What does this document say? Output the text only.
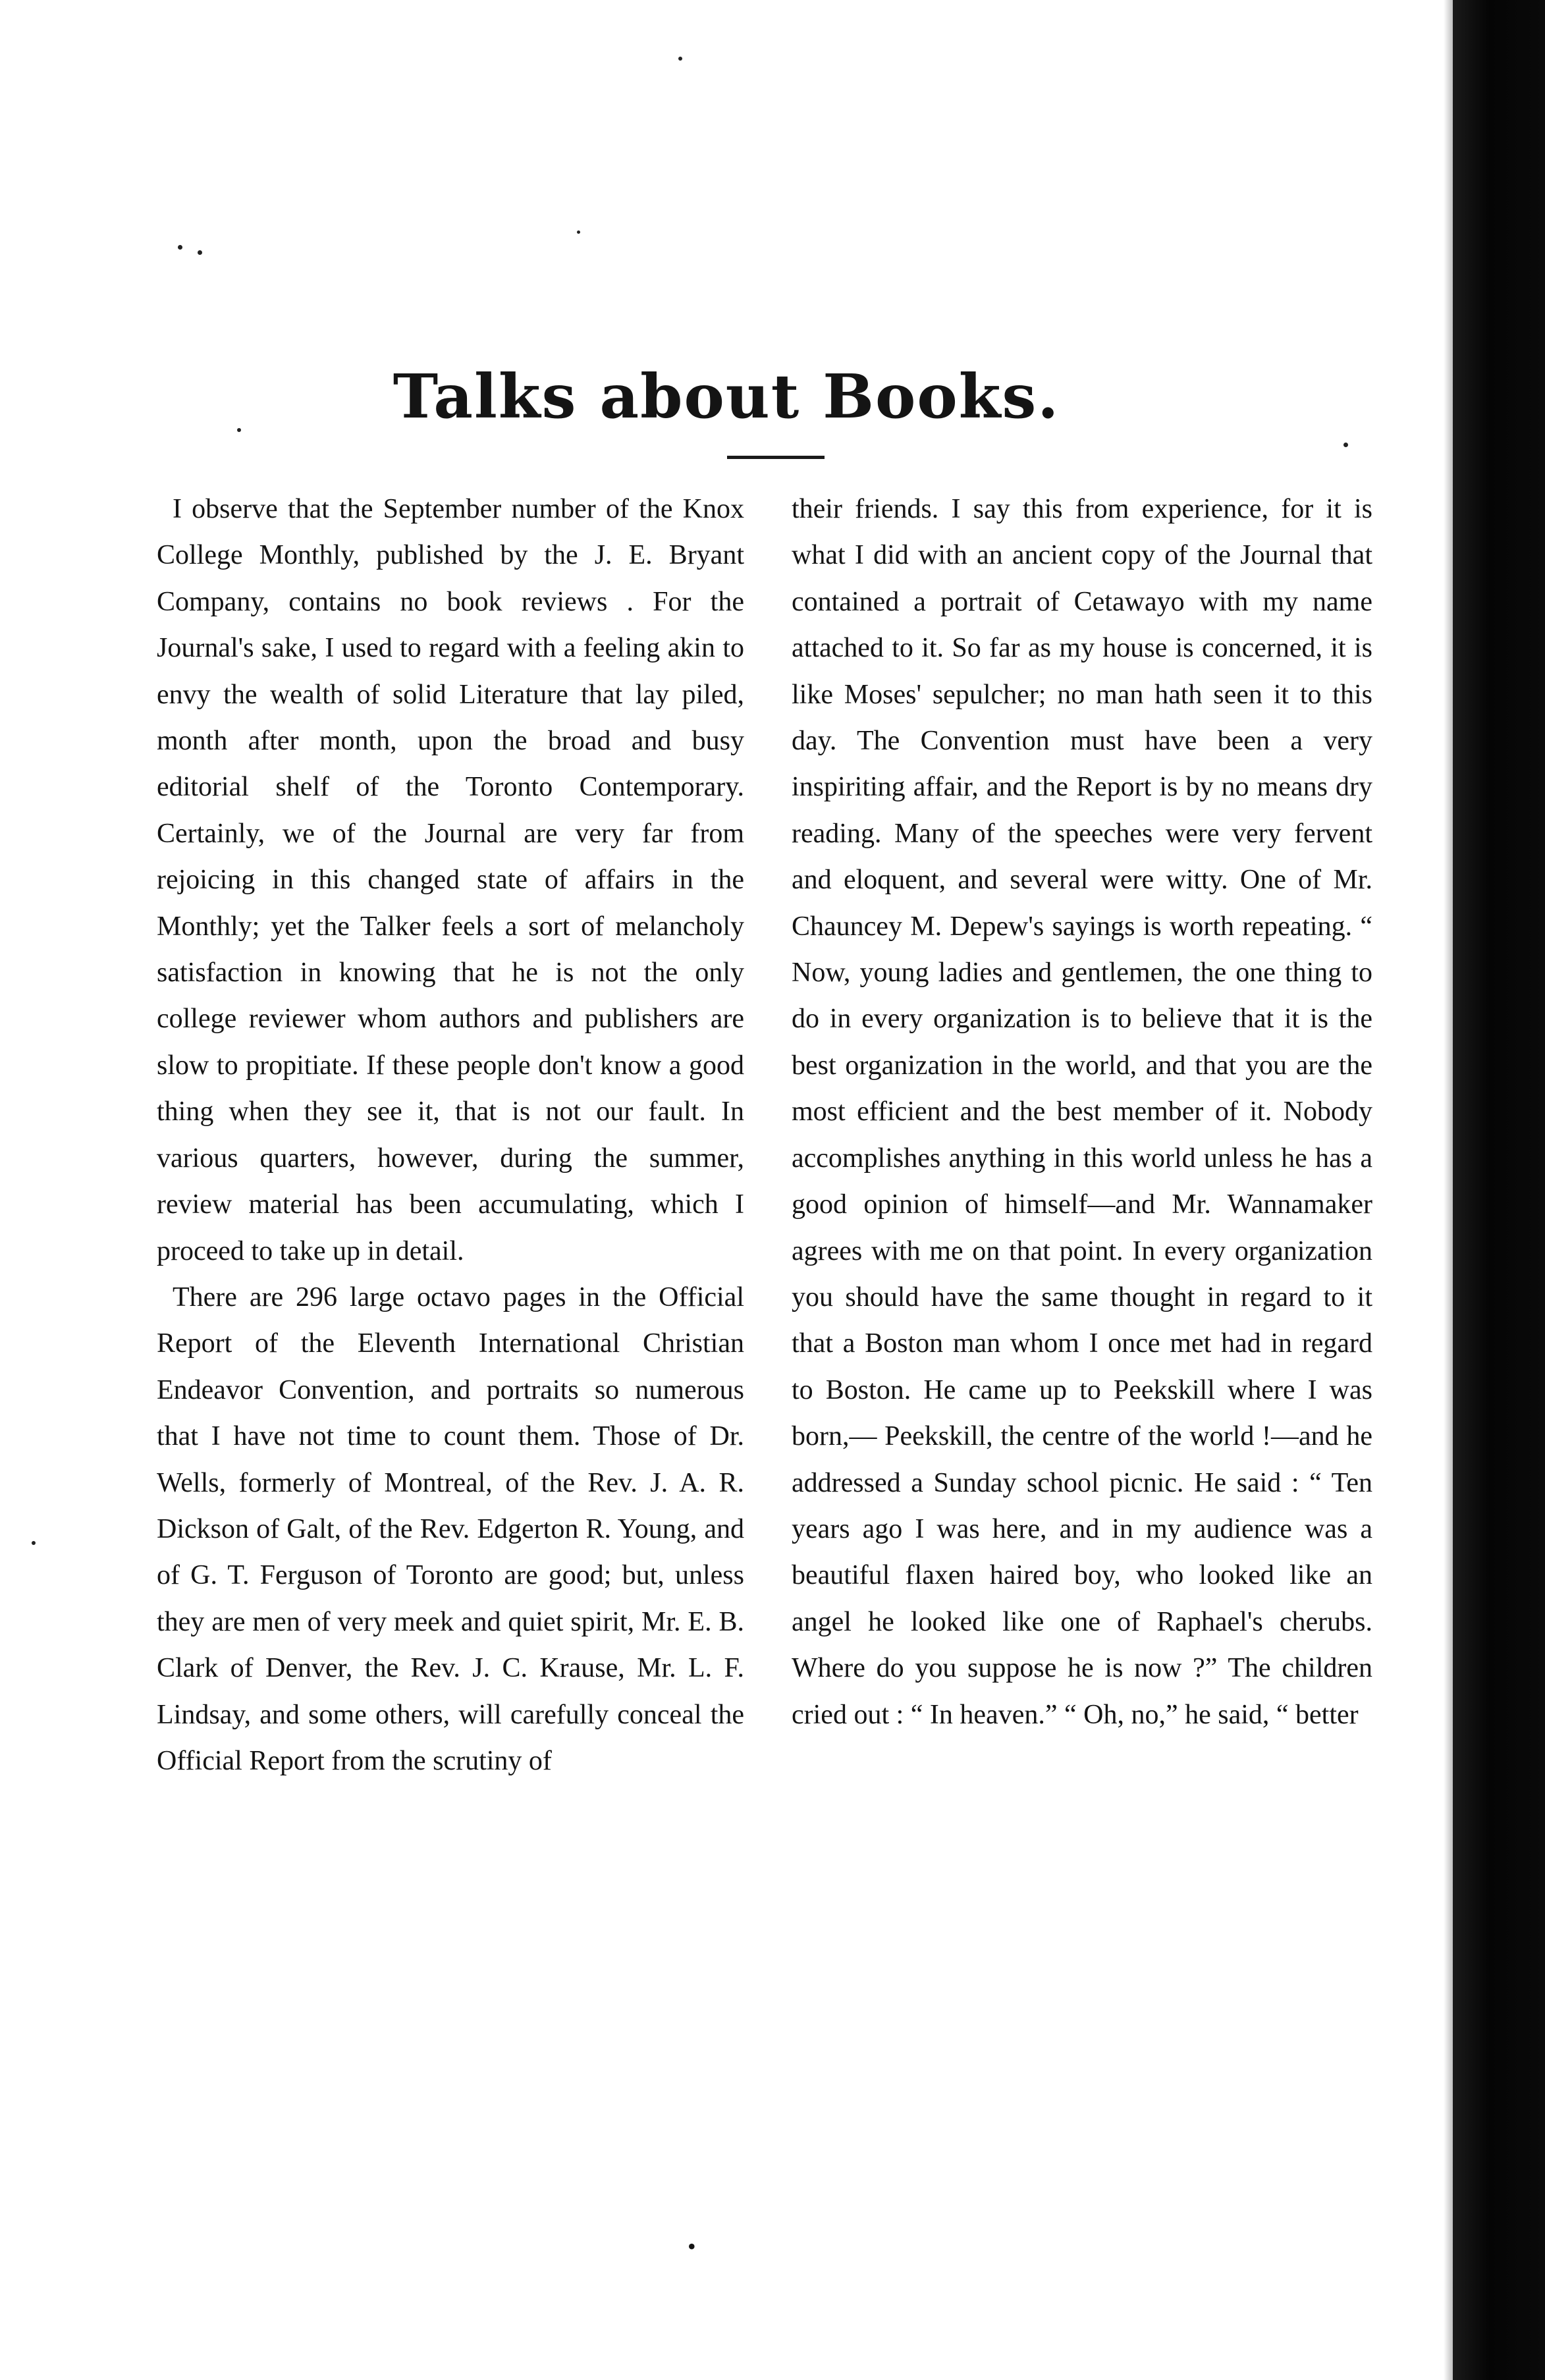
Talks about Books.

I observe that the September number of the Knox College Monthly, published by the J. E. Bryant Company, contains no book reviews . For the Journal's sake, I used to regard with a feeling akin to envy the wealth of solid Literature that lay piled, month after month, upon the broad and busy editorial shelf of the Toronto Contemporary. Certainly, we of the Journal are very far from rejoicing in this changed state of affairs in the Monthly; yet the Talker feels a sort of melancholy satisfaction in knowing that he is not the only college reviewer whom authors and publishers are slow to propitiate. If these people don't know a good thing when they see it, that is not our fault. In various quarters, however, during the summer, review material has been accumulating, which I proceed to take up in detail.

There are 296 large octavo pages in the Official Report of the Eleventh International Christian Endeavor Convention, and portraits so numerous that I have not time to count them. Those of Dr. Wells, formerly of Montreal, of the Rev. J. A. R. Dickson of Galt, of the Rev. Edgerton R. Young, and of G. T. Ferguson of Toronto are good; but, unless they are men of very meek and quiet spirit, Mr. E. B. Clark of Denver, the Rev. J. C. Krause, Mr. L. F. Lindsay, and some others, will carefully conceal the Official Report from the scrutiny of

their friends. I say this from experience, for it is what I did with an ancient copy of the Journal that contained a portrait of Cetawayo with my name attached to it. So far as my house is concerned, it is like Moses' sepulcher; no man hath seen it to this day. The Convention must have been a very inspiriting affair, and the Report is by no means dry reading. Many of the speeches were very fervent and eloquent, and several were witty. One of Mr. Chauncey M. Depew's sayings is worth repeating. “ Now, young ladies and gentlemen, the one thing to do in every organization is to believe that it is the best organization in the world, and that you are the most efficient and the best member of it. Nobody accomplishes anything in this world unless he has a good opinion of himself—and Mr. Wannamaker agrees with me on that point. In every organization you should have the same thought in regard to it that a Boston man whom I once met had in regard to Boston. He came up to Peekskill where I was born,— Peekskill, the centre of the world !—and he addressed a Sunday school picnic. He said : “ Ten years ago I was here, and in my audience was a beautiful flaxen haired boy, who looked like an angel he looked like one of Raphael's cherubs. Where do you suppose he is now ?” The children cried out : “ In heaven.” “ Oh, no,” he said, “ better

•
